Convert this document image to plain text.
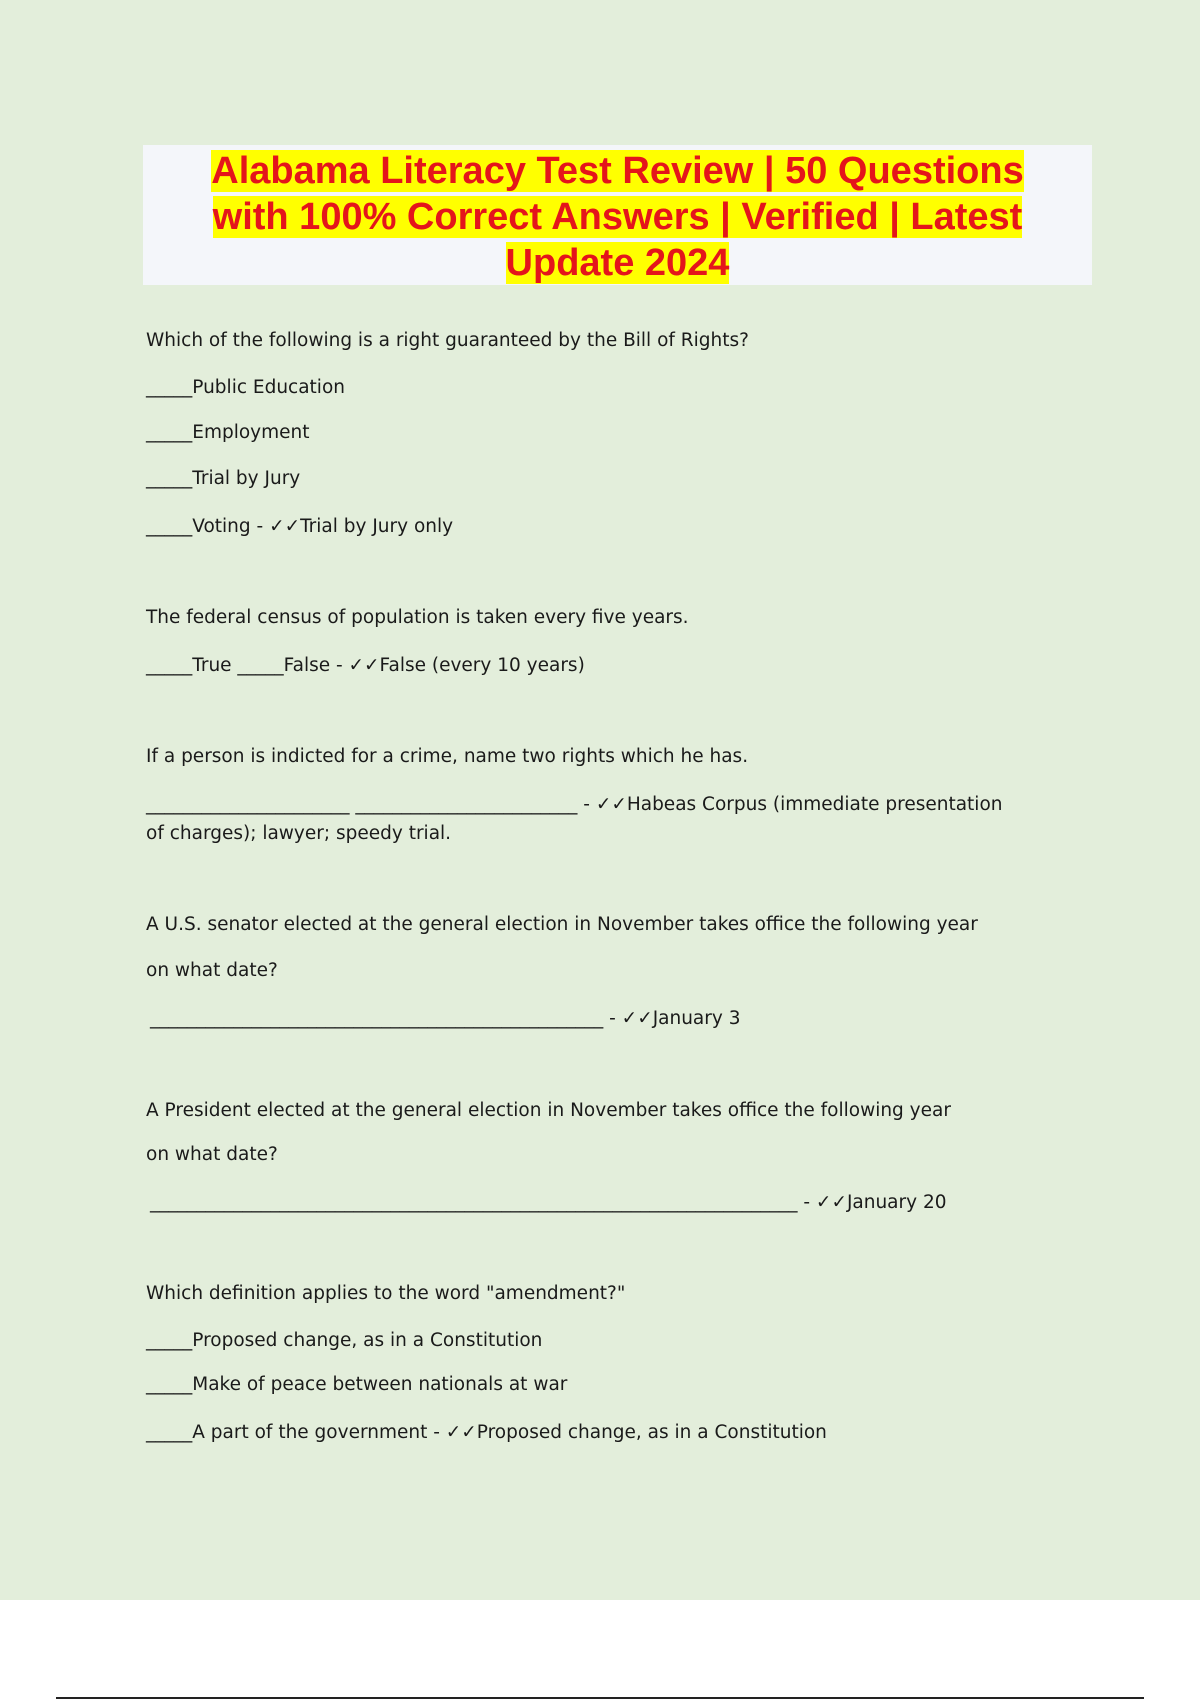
Alabama Literacy Test Review | 50 Questions
with 100% Correct Answers | Verified | Latest
Update 2024
Which of the following is a right guaranteed by the Bill of Rights?
_____Public Education
_____Employment
_____Trial by Jury
_____Voting - ✓✓Trial by Jury only
The federal census of population is taken every five years.
_____True _____False - ✓✓False (every 10 years)
If a person is indicted for a crime, name two rights which he has.
______________________ ________________________ - ✓✓Habeas Corpus (immediate presentation
of charges); lawyer; speedy trial.
A U.S. senator elected at the general election in November takes office the following year
on what date?
_________________________________________________ - ✓✓January 3
A President elected at the general election in November takes office the following year
on what date?
______________________________________________________________________ - ✓✓January 20
Which definition applies to the word "amendment?"
_____Proposed change, as in a Constitution
_____Make of peace between nationals at war
_____A part of the government - ✓✓Proposed change, as in a Constitution
